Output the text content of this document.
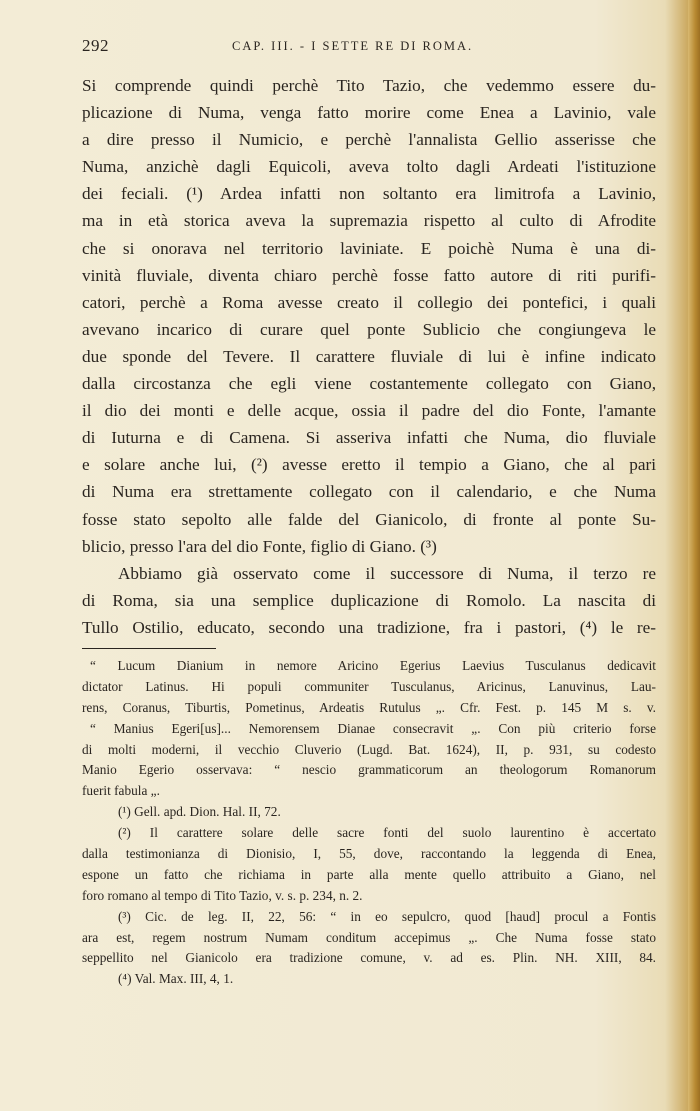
292	CAP. III. - I SETTE RE DI ROMA.
Si comprende quindi perchè Tito Tazio, che vedemmo essere du-
plicazione di Numa, venga fatto morire come Enea a Lavinio, vale
a dire presso il Numicio, e perchè l'annalista Gellio asserisse che
Numa, anzichè dagli Equicoli, aveva tolto dagli Ardeati l'istituzione
dei feciali. (¹) Ardea infatti non soltanto era limitrofa a Lavinio,
ma in età storica aveva la supremazia rispetto al culto di Afrodite
che si onorava nel territorio laviniate. E poichè Numa è una di-
vinità fluviale, diventa chiaro perchè fosse fatto autore di riti purifi-
catori, perchè a Roma avesse creato il collegio dei pontefici, i quali
avevano incarico di curare quel ponte Sublicio che congiungeva le
due sponde del Tevere. Il carattere fluviale di lui è infine indicato
dalla circostanza che egli viene costantemente collegato con Giano,
il dio dei monti e delle acque, ossia il padre del dio Fonte, l'amante
di Iuturna e di Camena. Si asseriva infatti che Numa, dio fluviale
e solare anche lui, (²) avesse eretto il tempio a Giano, che al pari
di Numa era strettamente collegato con il calendario, e che Numa
fosse stato sepolto alle falde del Gianicolo, di fronte al ponte Su-
blicio, presso l'ara del dio Fonte, figlio di Giano. (³)
Abbiamo già osservato come il successore di Numa, il terzo re
di Roma, sia una semplice duplicazione di Romolo. La nascita di
Tullo Ostilio, educato, secondo una tradizione, fra i pastori, (⁴) le re-
“ Lucum Dianium in nemore Aricino Egerius Laevius Tusculanus dedicavit
dictator Latinus. Hi populi communiter Tusculanus, Aricinus, Lanuvinus, Lau-
rens, Coranus, Tiburtis, Pometinus, Ardeatis Rutulus „. Cfr. Fest. p. 145 M s. v.
“ Manius Egeri[us]... Nemorensem Dianae consecravit „. Con più criterio forse
di molti moderni, il vecchio Cluverio (Lugd. Bat. 1624), II, p. 931, su codesto
Manio Egerio osservava: “ nescio grammaticorum an theologorum Romanorum
fuerit fabula „.
(¹) Gell. apd. Dion. Hal. II, 72.
(²) Il carattere solare delle sacre fonti del suolo laurentino è accertato
dalla testimonianza di Dionisio, I, 55, dove, raccontando la leggenda di Enea,
espone un fatto che richiama in parte alla mente quello attribuito a Giano, nel
foro romano al tempo di Tito Tazio, v. s. p. 234, n. 2.
(³) Cic. de leg. II, 22, 56: “ in eo sepulcro, quod [haud] procul a Fontis
ara est, regem nostrum Numam conditum accepimus „. Che Numa fosse stato
seppellito nel Gianicolo era tradizione comune, v. ad es. Plin. NH. XIII, 84.
(⁴) Val. Max. III, 4, 1.
